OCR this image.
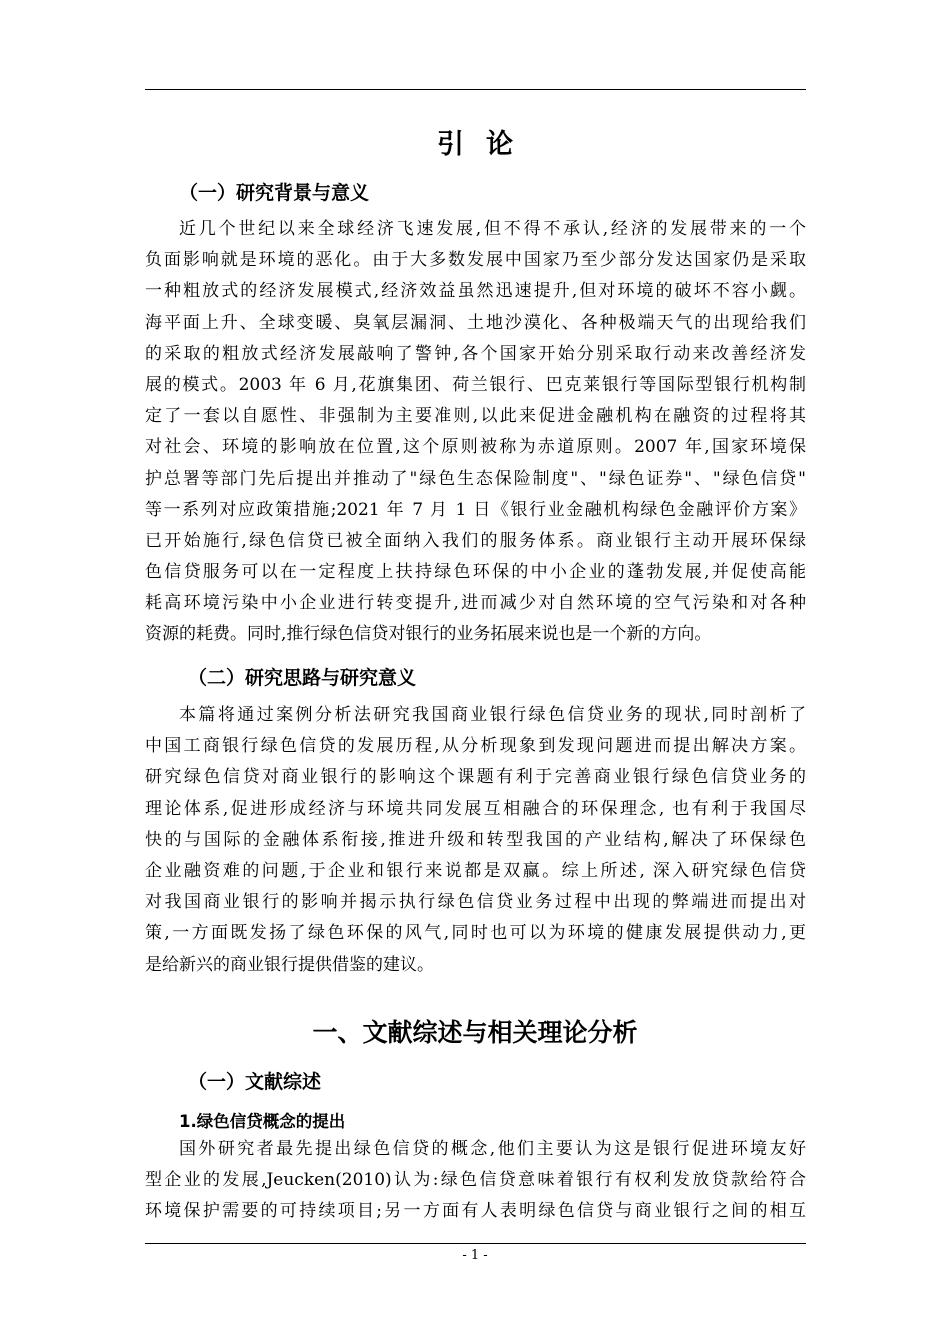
引论
（一）研究背景与意义
近几个世纪以来全球经济飞速发展,但不得不承认,经济的发展带来的一个
负面影响就是环境的恶化。由于大多数发展中国家乃至少部分发达国家仍是采取
一种粗放式的经济发展模式,经济效益虽然迅速提升,但对环境的破坏不容小觑。
海平面上升、全球变暖、臭氧层漏洞、土地沙漠化、各种极端天气的出现给我们
的采取的粗放式经济发展敲响了警钟,各个国家开始分别采取行动来改善经济发
展的模式。2003 年 6 月,花旗集团、荷兰银行、巴克莱银行等国际型银行机构制
定了一套以自愿性、非强制为主要准则,以此来促进金融机构在融资的过程将其
对社会、环境的影响放在位置,这个原则被称为赤道原则。2007 年,国家环境保
护总署等部门先后提出并推动了"绿色生态保险制度"、"绿色证券"、"绿色信贷"
等一系列对应政策措施;2021 年 7 月 1 日《银行业金融机构绿色金融评价方案》
已开始施行,绿色信贷已被全面纳入我们的服务体系。商业银行主动开展环保绿
色信贷服务可以在一定程度上扶持绿色环保的中小企业的蓬勃发展,并促使高能
耗高环境污染中小企业进行转变提升,进而减少对自然环境的空气污染和对各种
资源的耗费。同时,推行绿色信贷对银行的业务拓展来说也是一个新的方向。
（二）研究思路与研究意义
本篇将通过案例分析法研究我国商业银行绿色信贷业务的现状,同时剖析了
中国工商银行绿色信贷的发展历程,从分析现象到发现问题进而提出解决方案。
研究绿色信贷对商业银行的影响这个课题有利于完善商业银行绿色信贷业务的
理论体系,促进形成经济与环境共同发展互相融合的环保理念, 也有利于我国尽
快的与国际的金融体系衔接,推进升级和转型我国的产业结构,解决了环保绿色
企业融资难的问题,于企业和银行来说都是双赢。综上所述, 深入研究绿色信贷
对我国商业银行的影响并揭示执行绿色信贷业务过程中出现的弊端进而提出对
策,一方面既发扬了绿色环保的风气,同时也可以为环境的健康发展提供动力,更
是给新兴的商业银行提供借鉴的建议。
一、文献综述与相关理论分析
（一）文献综述
1.绿色信贷概念的提出
国外研究者最先提出绿色信贷的概念,他们主要认为这是银行促进环境友好
型企业的发展,Jeucken(2010)认为:绿色信贷意味着银行有权利发放贷款给符合
环境保护需要的可持续项目;另一方面有人表明绿色信贷与商业银行之间的相互
- 1 -
